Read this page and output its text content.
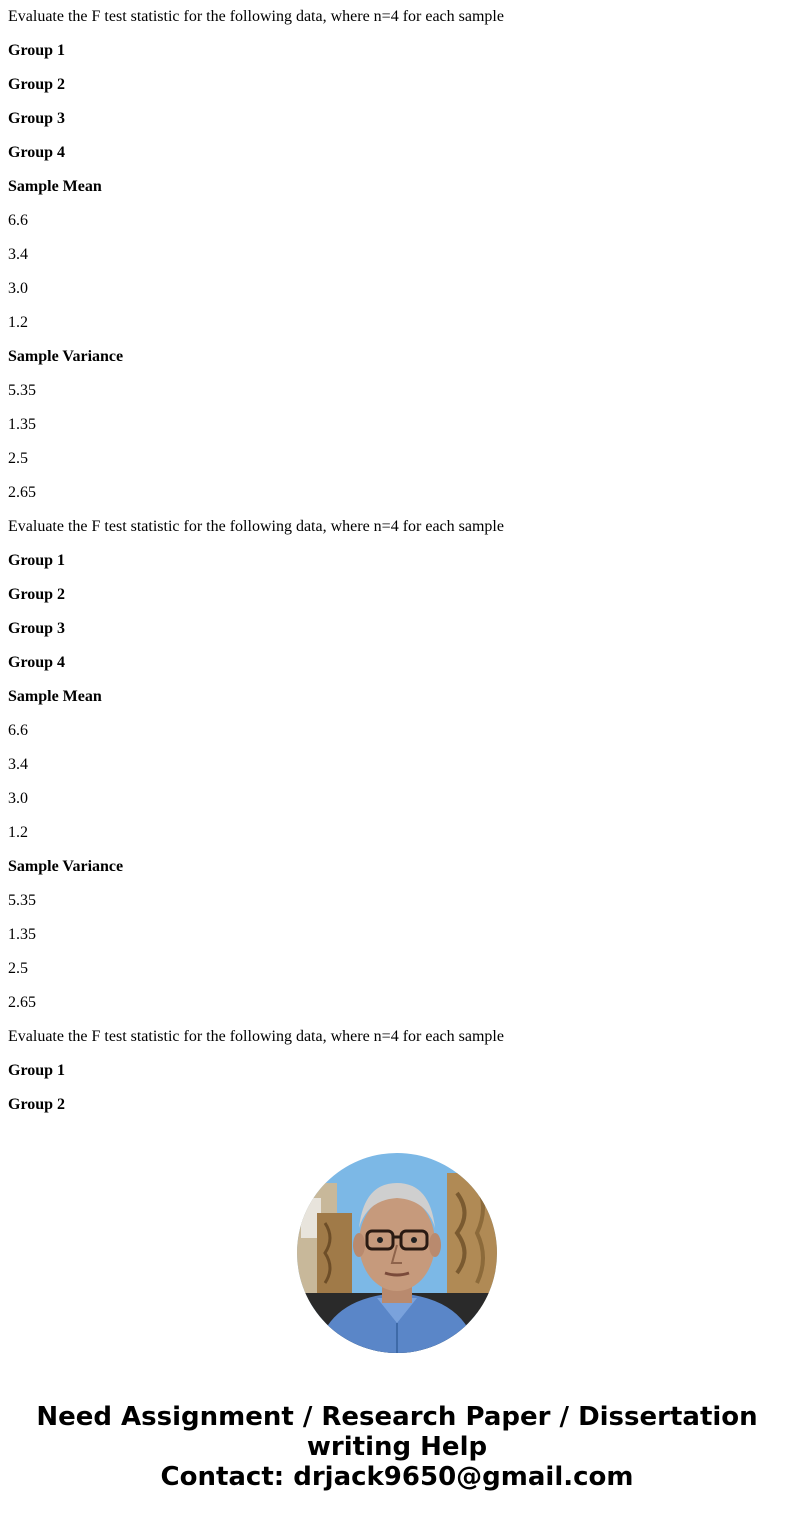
Evaluate the F test statistic for the following data, where n=4 for each sample
Group 1
Group 2
Group 3
Group 4
Sample Mean
6.6
3.4
3.0
1.2
Sample Variance
5.35
1.35
2.5
2.65
Evaluate the F test statistic for the following data, where n=4 for each sample
Group 1
Group 2
Group 3
Group 4
Sample Mean
6.6
3.4
3.0
1.2
Sample Variance
5.35
1.35
2.5
2.65
Evaluate the F test statistic for the following data, where n=4 for each sample
Group 1
Group 2
Need Assignment / Research Paper / Dissertation
writing Help
Contact: drjack9650@gmail.com
